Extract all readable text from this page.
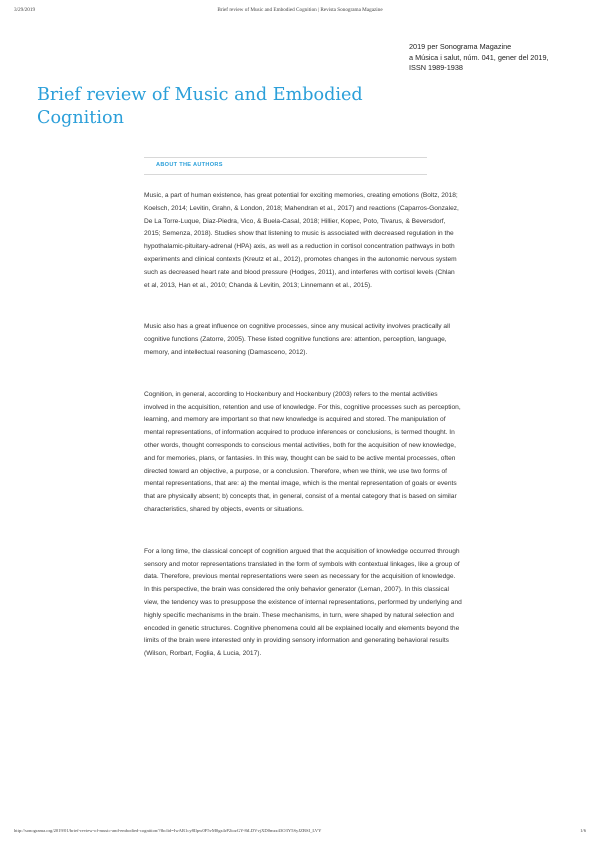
3/29/2019	Brief review of Music and Embodied Cognition | Revista Sonograma Magazine
2019 per Sonograma Magazine
a Música i salut, núm. 041, gener del 2019,
ISSN 1989-1938
Brief review of Music and Embodied Cognition
ABOUT THE AUTHORS

Music, a part of human existence, has great potential for exciting memories, creating emotions (Boltz, 2018; Koelsch, 2014; Levitin, Grahn, & London, 2018; Mahendran et al., 2017) and reactions (Caparros-Gonzalez, De La Torre-Luque, Diaz-Piedra, Vico, & Buela-Casal, 2018; Hillier, Kopec, Poto, Tivarus, & Beversdorf, 2015; Semenza, 2018). Studies show that listening to music is associated with decreased regulation in the hypothalamic-pituitary-adrenal (HPA) axis, as well as a reduction in cortisol concentration pathways in both experiments and clinical contexts (Kreutz et al., 2012), promotes changes in the autonomic nervous system such as decreased heart rate and blood pressure (Hodges, 2011), and interferes with cortisol levels (Chlan et al, 2013, Han et al., 2010; Chanda & Levitin, 2013; Linnemann et al., 2015).

Music also has a great influence on cognitive processes, since any musical activity involves practically all cognitive functions (Zatorre, 2005). These listed cognitive functions are: attention, perception, language, memory, and intellectual reasoning (Damasceno, 2012).

Cognition, in general, according to Hockenbury and Hockenbury (2003) refers to the mental activities involved in the acquisition, retention and use of knowledge. For this, cognitive processes such as perception, learning, and memory are important so that new knowledge is acquired and stored. The manipulation of mental representations, of information acquired to produce inferences or conclusions, is termed thought. In other words, thought corresponds to conscious mental activities, both for the acquisition of new knowledge, and for memories, plans, or fantasies. In this way, thought can be said to be active mental processes, often directed toward an objective, a purpose, or a conclusion. Therefore, when we think, we use two forms of mental representations, that are: a) the mental image, which is the mental representation of goals or events that are physically absent; b) concepts that, in general, consist of a mental category that is based on similar characteristics, shared by objects, events or situations.

For a long time, the classical concept of cognition argued that the acquisition of knowledge occurred through sensory and motor representations translated in the form of symbols with contextual linkages, like a group of data. Therefore, previous mental representations were seen as necessary for the acquisition of knowledge. In this perspective, the brain was considered the only behavior generator (Leman, 2007). In this classical view, the tendency was to presuppose the existence of internal representations, performed by underlying and highly specific mechanisms in the brain. These mechanisms, in turn, were shaped by natural selection and encoded in genetic structures. Cognitive phenomena could all be explained locally and elements beyond the limits of the brain were interested only in providing sensory information and generating behavioral results (Wilson, Rorbart, Foglia, & Lucia, 2017).

http://sonograma.org/2019/01/brief-review-of-music-and-embodied-cognition/?fbclid=IwAR1cy8Ilpw0F5vM0gz4rP2iozGY-8tLDVvjXD0mzz43O3Y5SyJZBSI_LVY	1/6
